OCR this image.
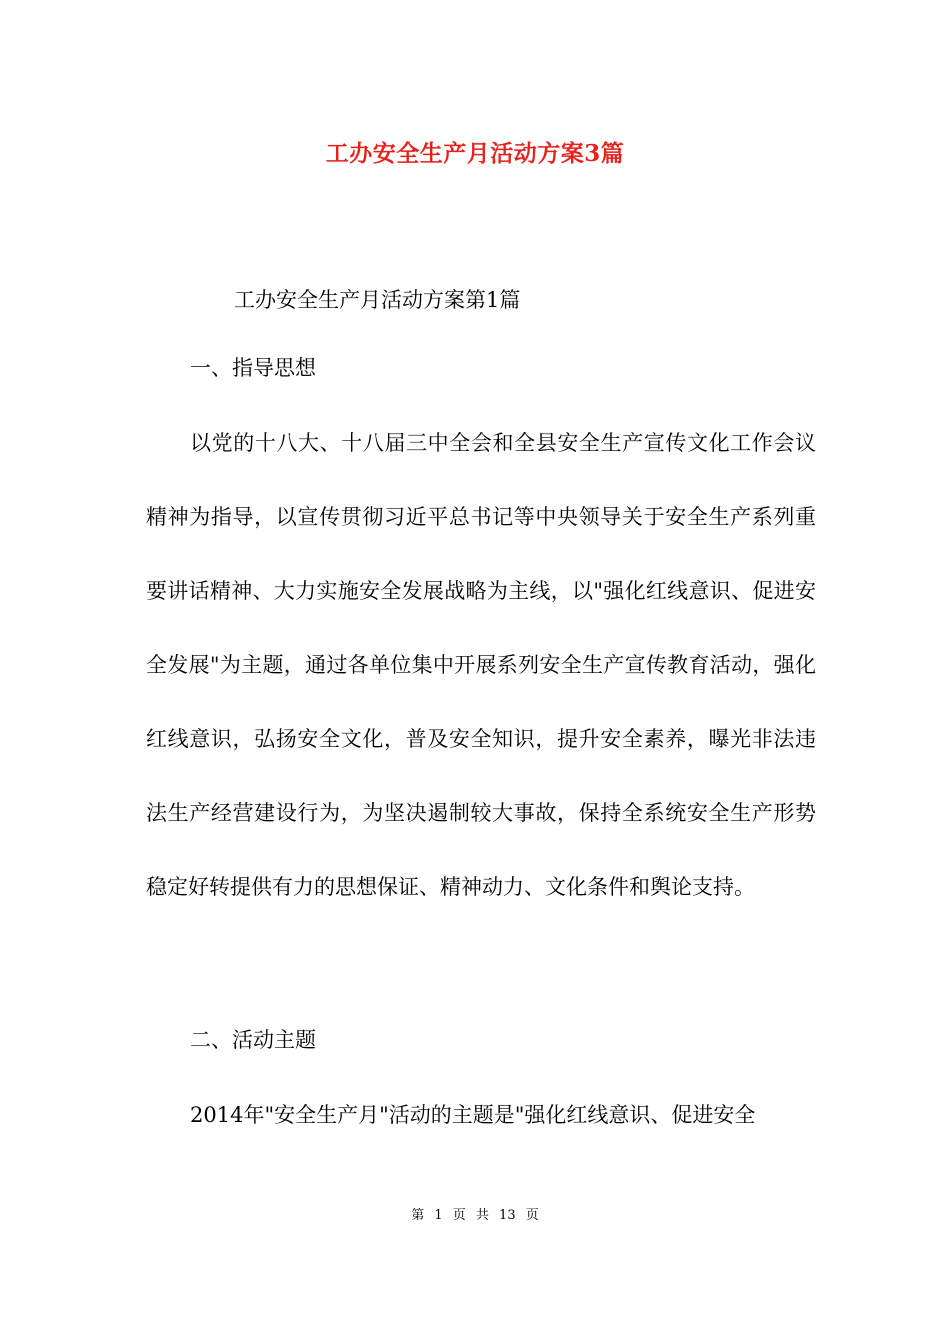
工办安全生产月活动方案3篇
工办安全生产月活动方案第1篇
一、指导思想
以党的十八大、十八届三中全会和全县安全生产宣传文化工作会议精神为指导，以宣传贯彻习近平总书记等中央领导关于安全生产系列重要讲话精神、大力实施安全发展战略为主线，以"强化红线意识、促进安全发展"为主题，通过各单位集中开展系列安全生产宣传教育活动，强化红线意识，弘扬安全文化，普及安全知识，提升安全素养，曝光非法违法生产经营建设行为，为坚决遏制较大事故，保持全系统安全生产形势稳定好转提供有力的思想保证、精神动力、文化条件和舆论支持。
二、活动主题
2014年"安全生产月"活动的主题是"强化红线意识、促进安全
第 1 页 共 13 页
